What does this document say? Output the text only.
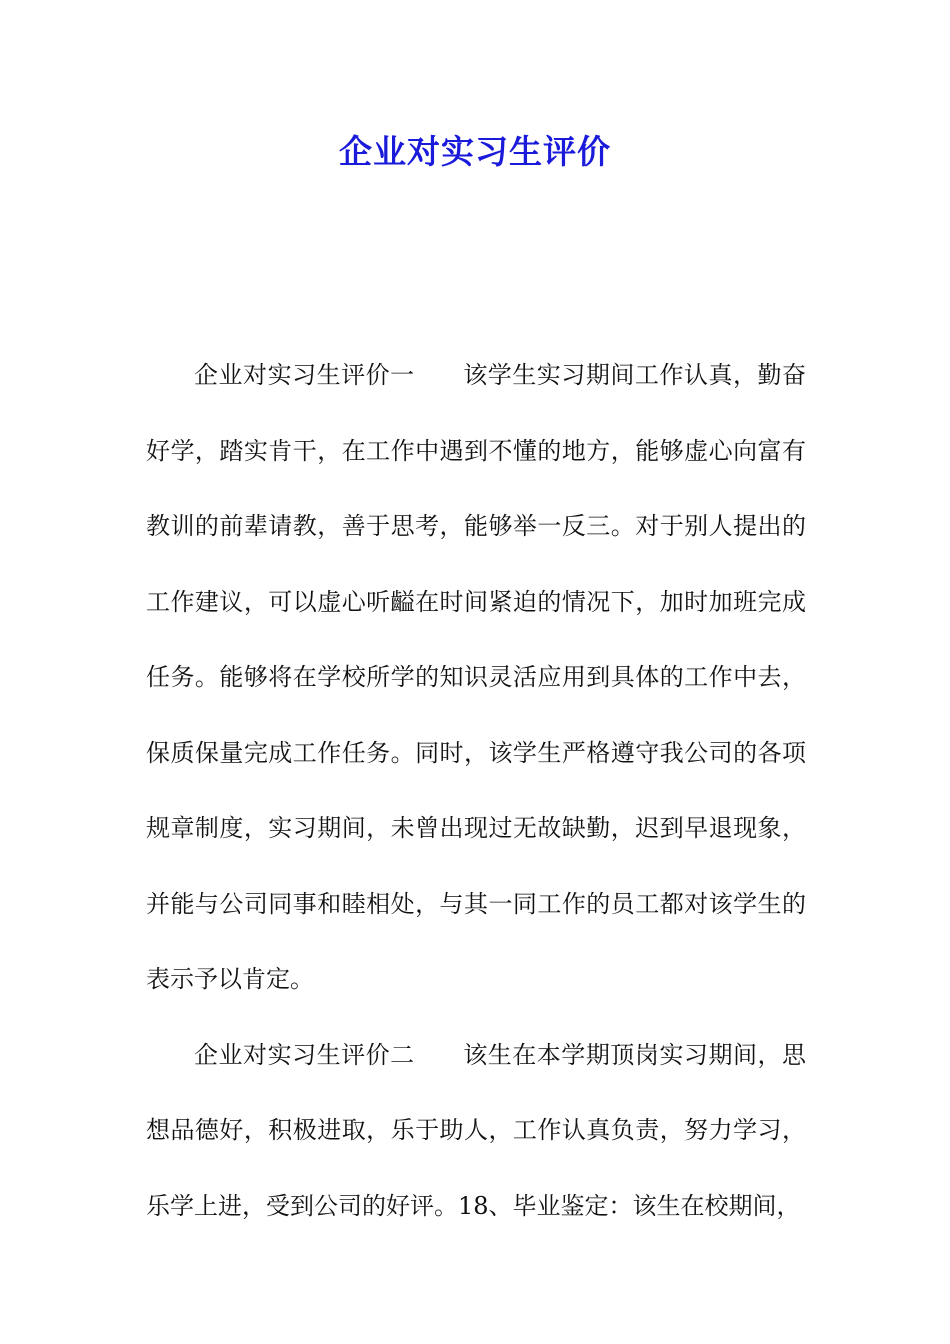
企业对实习生评价

企业对实习生评价一 该学生实习期间工作认真，勤奋好学，踏实肯干，在工作中遇到不懂的地方，能够虚心向富有教训的前辈请教，善于思考，能够举一反三。对于别人提出的工作建议，可以虚心听齸在时间紧迫的情况下，加时加班完成任务。能够将在学校所学的知识灵活应用到具体的工作中去，保质保量完成工作任务。同时，该学生严格遵守我公司的各项规章制度，实习期间，未曾出现过无故缺勤，迟到早退现象，并能与公司同事和睦相处，与其一同工作的员工都对该学生的表示予以肯定。

企业对实习生评价二 该生在本学期顶岗实习期间，思想品德好，积极进取，乐于助人，工作认真负责，努力学习，乐学上进，受到公司的好评。18、毕业鉴定：该生在校期间，
